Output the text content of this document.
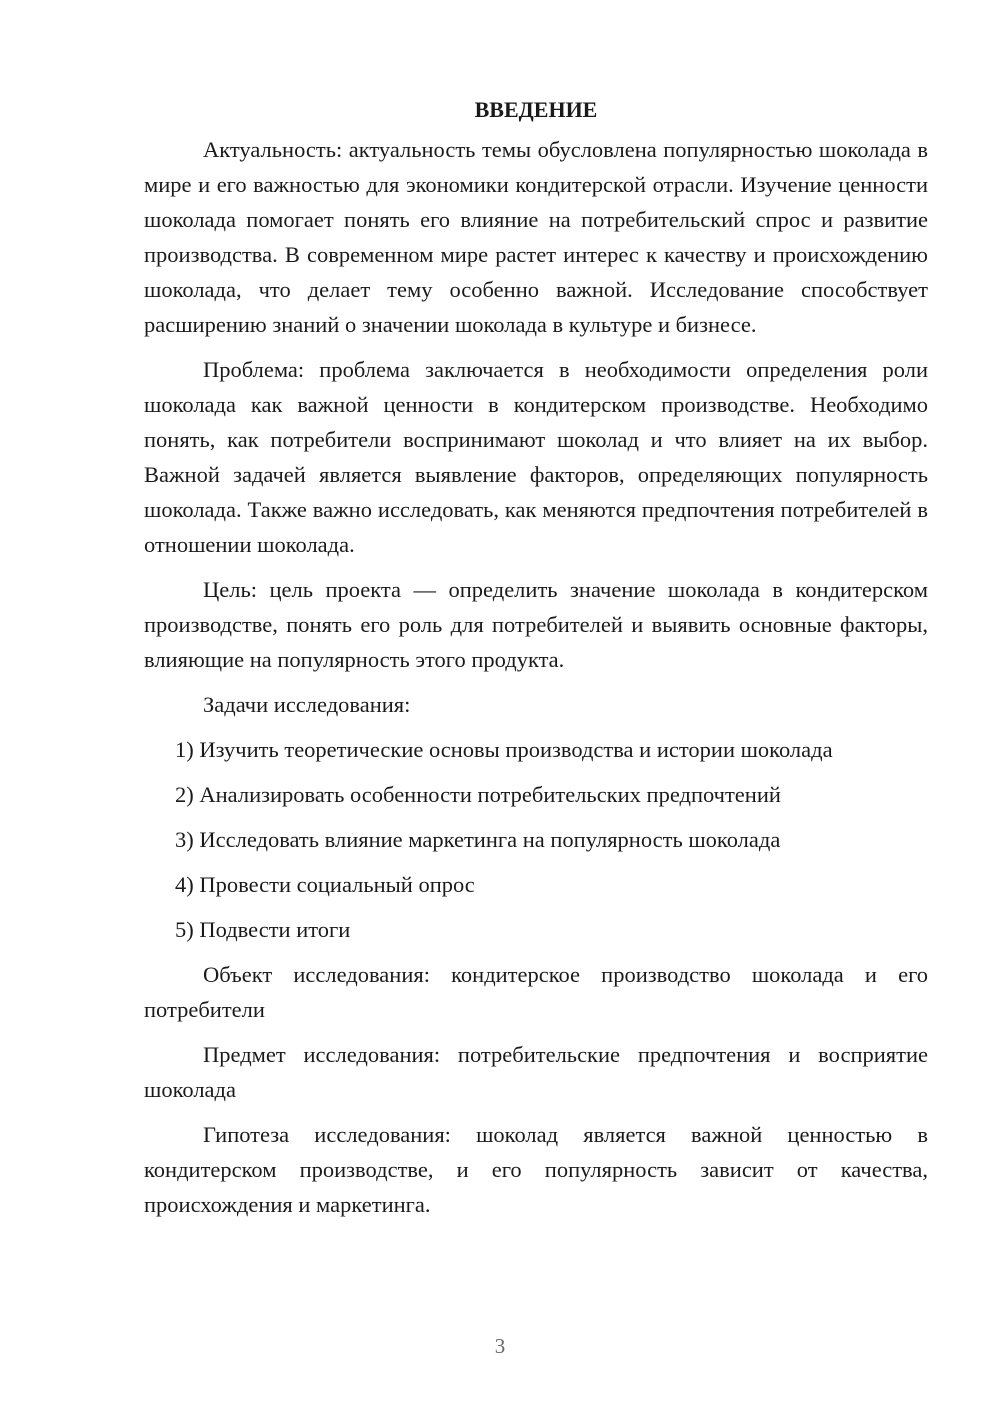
ВВЕДЕНИЕ

Актуальность: актуальность темы обусловлена популярностью шоколада в мире и его важностью для экономики кондитерской отрасли. Изучение ценности шоколада помогает понять его влияние на потребительский спрос и развитие производства. В современном мире растет интерес к качеству и происхождению шоколада, что делает тему особенно важной. Исследование способствует расширению знаний о значении шоколада в культуре и бизнесе.

Проблема: проблема заключается в необходимости определения роли шоколада как важной ценности в кондитерском производстве. Необходимо понять, как потребители воспринимают шоколад и что влияет на их выбор. Важной задачей является выявление факторов, определяющих популярность шоколада. Также важно исследовать, как меняются предпочтения потребителей в отношении шоколада.

Цель: цель проекта — определить значение шоколада в кондитерском производстве, понять его роль для потребителей и выявить основные факторы, влияющие на популярность этого продукта.

Задачи исследования:

1) Изучить теоретические основы производства и истории шоколада
2) Анализировать особенности потребительских предпочтений
3) Исследовать влияние маркетинга на популярность шоколада
4) Провести социальный опрос
5) Подвести итоги

Объект исследования: кондитерское производство шоколада и его потребители

Предмет исследования: потребительские предпочтения и восприятие шоколада

Гипотеза исследования: шоколад является важной ценностью в кондитерском производстве, и его популярность зависит от качества, происхождения и маркетинга.

3
